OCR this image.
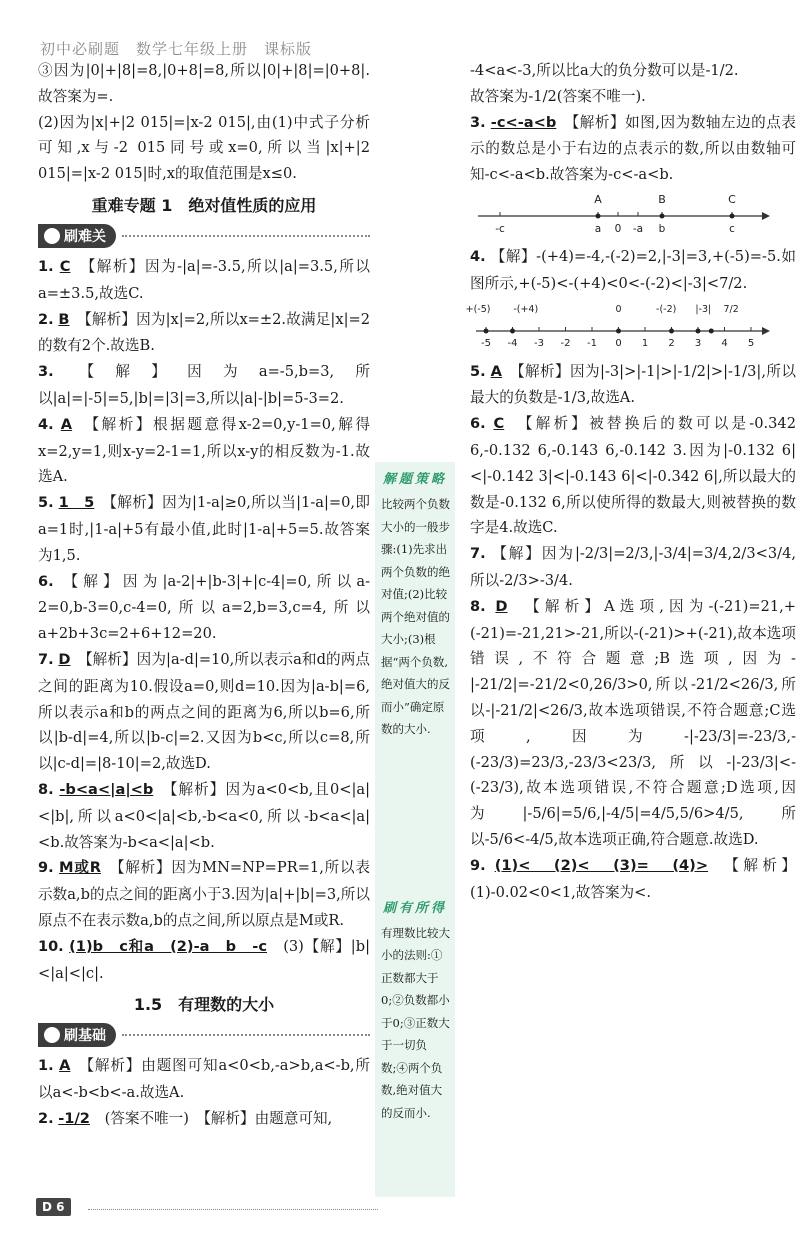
初中必刷题　数学七年级上册　课标版

③因为|0|+|8|=8,|0+8|=8,所以|0|+|8|=|0+8|.故答案为=.

(2)因为|x|+|2 015|=|x-2 015|,由(1)中式子分析可知,x与-2 015同号或x=0,所以当|x|+|2 015|=|x-2 015|时,x的取值范围是x≤0.

重难专题 1　绝对值性质的应用
刷难关

1. C　 【解析】因为-|a|=-3.5,所以|a|=3.5,所以a=±3.5,故选C.

2. B　 【解析】因为|x|=2,所以x=±2.故满足|x|=2的数有2个.故选B.

3. 【解】因为a=-5,b=3,所以|a|=|-5|=5,|b|=|3|=3,所以|a|-|b|=5-3=2.

4. A　 【解析】根据题意得x-2=0,y-1=0,解得x=2,y=1,则x-y=2-1=1,所以x-y的相反数为-1.故选A.

5. 1　5　 【解析】因为|1-a|≥0,所以当|1-a|=0,即a=1时,|1-a|+5有最小值,此时|1-a|+5=5.故答案为1,5.

6. 【解】因为|a-2|+|b-3|+|c-4|=0,所以a-2=0,b-3=0,c-4=0,所以a=2,b=3,c=4,所以a+2b+3c=2+6+12=20.

7. D　 【解析】因为|a-d|=10,所以表示a和d的两点之间的距离为10.假设a=0,则d=10.因为|a-b|=6,所以表示a和b的两点之间的距离为6,所以b=6,所以|b-d|=4,所以|b-c|=2.又因为b<c,所以c=8,所以|c-d|=|8-10|=2,故选D.

8. -b<a<|a|<b　 【解析】因为a<0<b,且0<|a|<|b|,所以a<0<|a|<b,-b<a<0,所以-b<a<|a|<b.故答案为-b<a<|a|<b.

9. M或R　 【解析】因为MN=NP=PR=1,所以表示数a,b的点之间的距离小于3.因为|a|+|b|=3,所以原点不在表示数a,b的点之间,所以原点是M或R.

10. (1)b　c和a　(2)-a　b　-c　 (3)【解】|b|<|a|<|c|.

1.5　有理数的大小
刷基础

1. A　 【解析】由题图可知a<0<b,-a>b,a<-b,所以a<-b<b<-a.故选A.

2. -1/2　 (答案不唯一)　【解析】由题意可知,

解题策略

比较两个负数大小的一般步骤:(1)先求出两个负数的绝对值;(2)比较两个绝对值的大小;(3)根据“两个负数,绝对值大的反而小”确定原数的大小.

刷有所得

有理数比较大小的法则:①正数都大于0;②负数都小于0;③正数大于一切负数;④两个负数,绝对值大的反而小.

-4<a<-3,所以比a大的负分数可以是-1/2.

故答案为-1/2(答案不唯一).

3. -c<-a<b　 【解析】如图,因为数轴左边的点表示的数总是小于右边的点表示的数,所以由数轴可知-c<-a<b.故答案为-c<-a<b.

-c	a 0 -a b	c
A	B	C

4. 【解】-(+4)=-4,-(-2)=2,|-3|=3,+(-5)=-5.如图所示,+(-5)<-(+4)<0<-(-2)<|-3|<7/2.

-5 -4 -3 -2 -1 0 1 2 3 4 5
+(-5) -(+4)	0	-(-2) |-3| 7/2

5. A　 【解析】因为|-3|>|-1|>|-1/2|>|-1/3|,所以最大的负数是-1/3,故选A.

6. C　 【解析】被替换后的数可以是-0.342 6,-0.132 6,-0.143 6,-0.142 3.因为|-0.132 6|<|-0.142 3|<|-0.143 6|<|-0.342 6|,所以最大的数是-0.132 6,所以使所得的数最大,则被替换的数字是4.故选C.

7. 【解】因为|-2/3|=2/3,|-3/4|=3/4,2/3<3/4,所以-2/3>-3/4.

8. D　 【解析】A选项,因为-(-21)=21,+(-21)=-21,21>-21,所以-(-21)>+(-21),故本选项错误,不符合题意;B选项,因为-|-21/2|=-21/2<0,26/3>0,所以-21/2<26/3,所以-|-21/2|<26/3,故本选项错误,不符合题意;C选项,因为-|-23/3|=-23/3,-(-23/3)=23/3,-23/3<23/3,所以-|-23/3|<-(-23/3),故本选项错误,不符合题意;D选项,因为|-5/6|=5/6,|-4/5|=4/5,5/6>4/5,所以-5/6<-4/5,故本选项正确,符合题意.故选D.

9. (1)<　(2)<　(3)=　(4)>　 【解析】(1)-0.02<0<1,故答案为<.

D 6
